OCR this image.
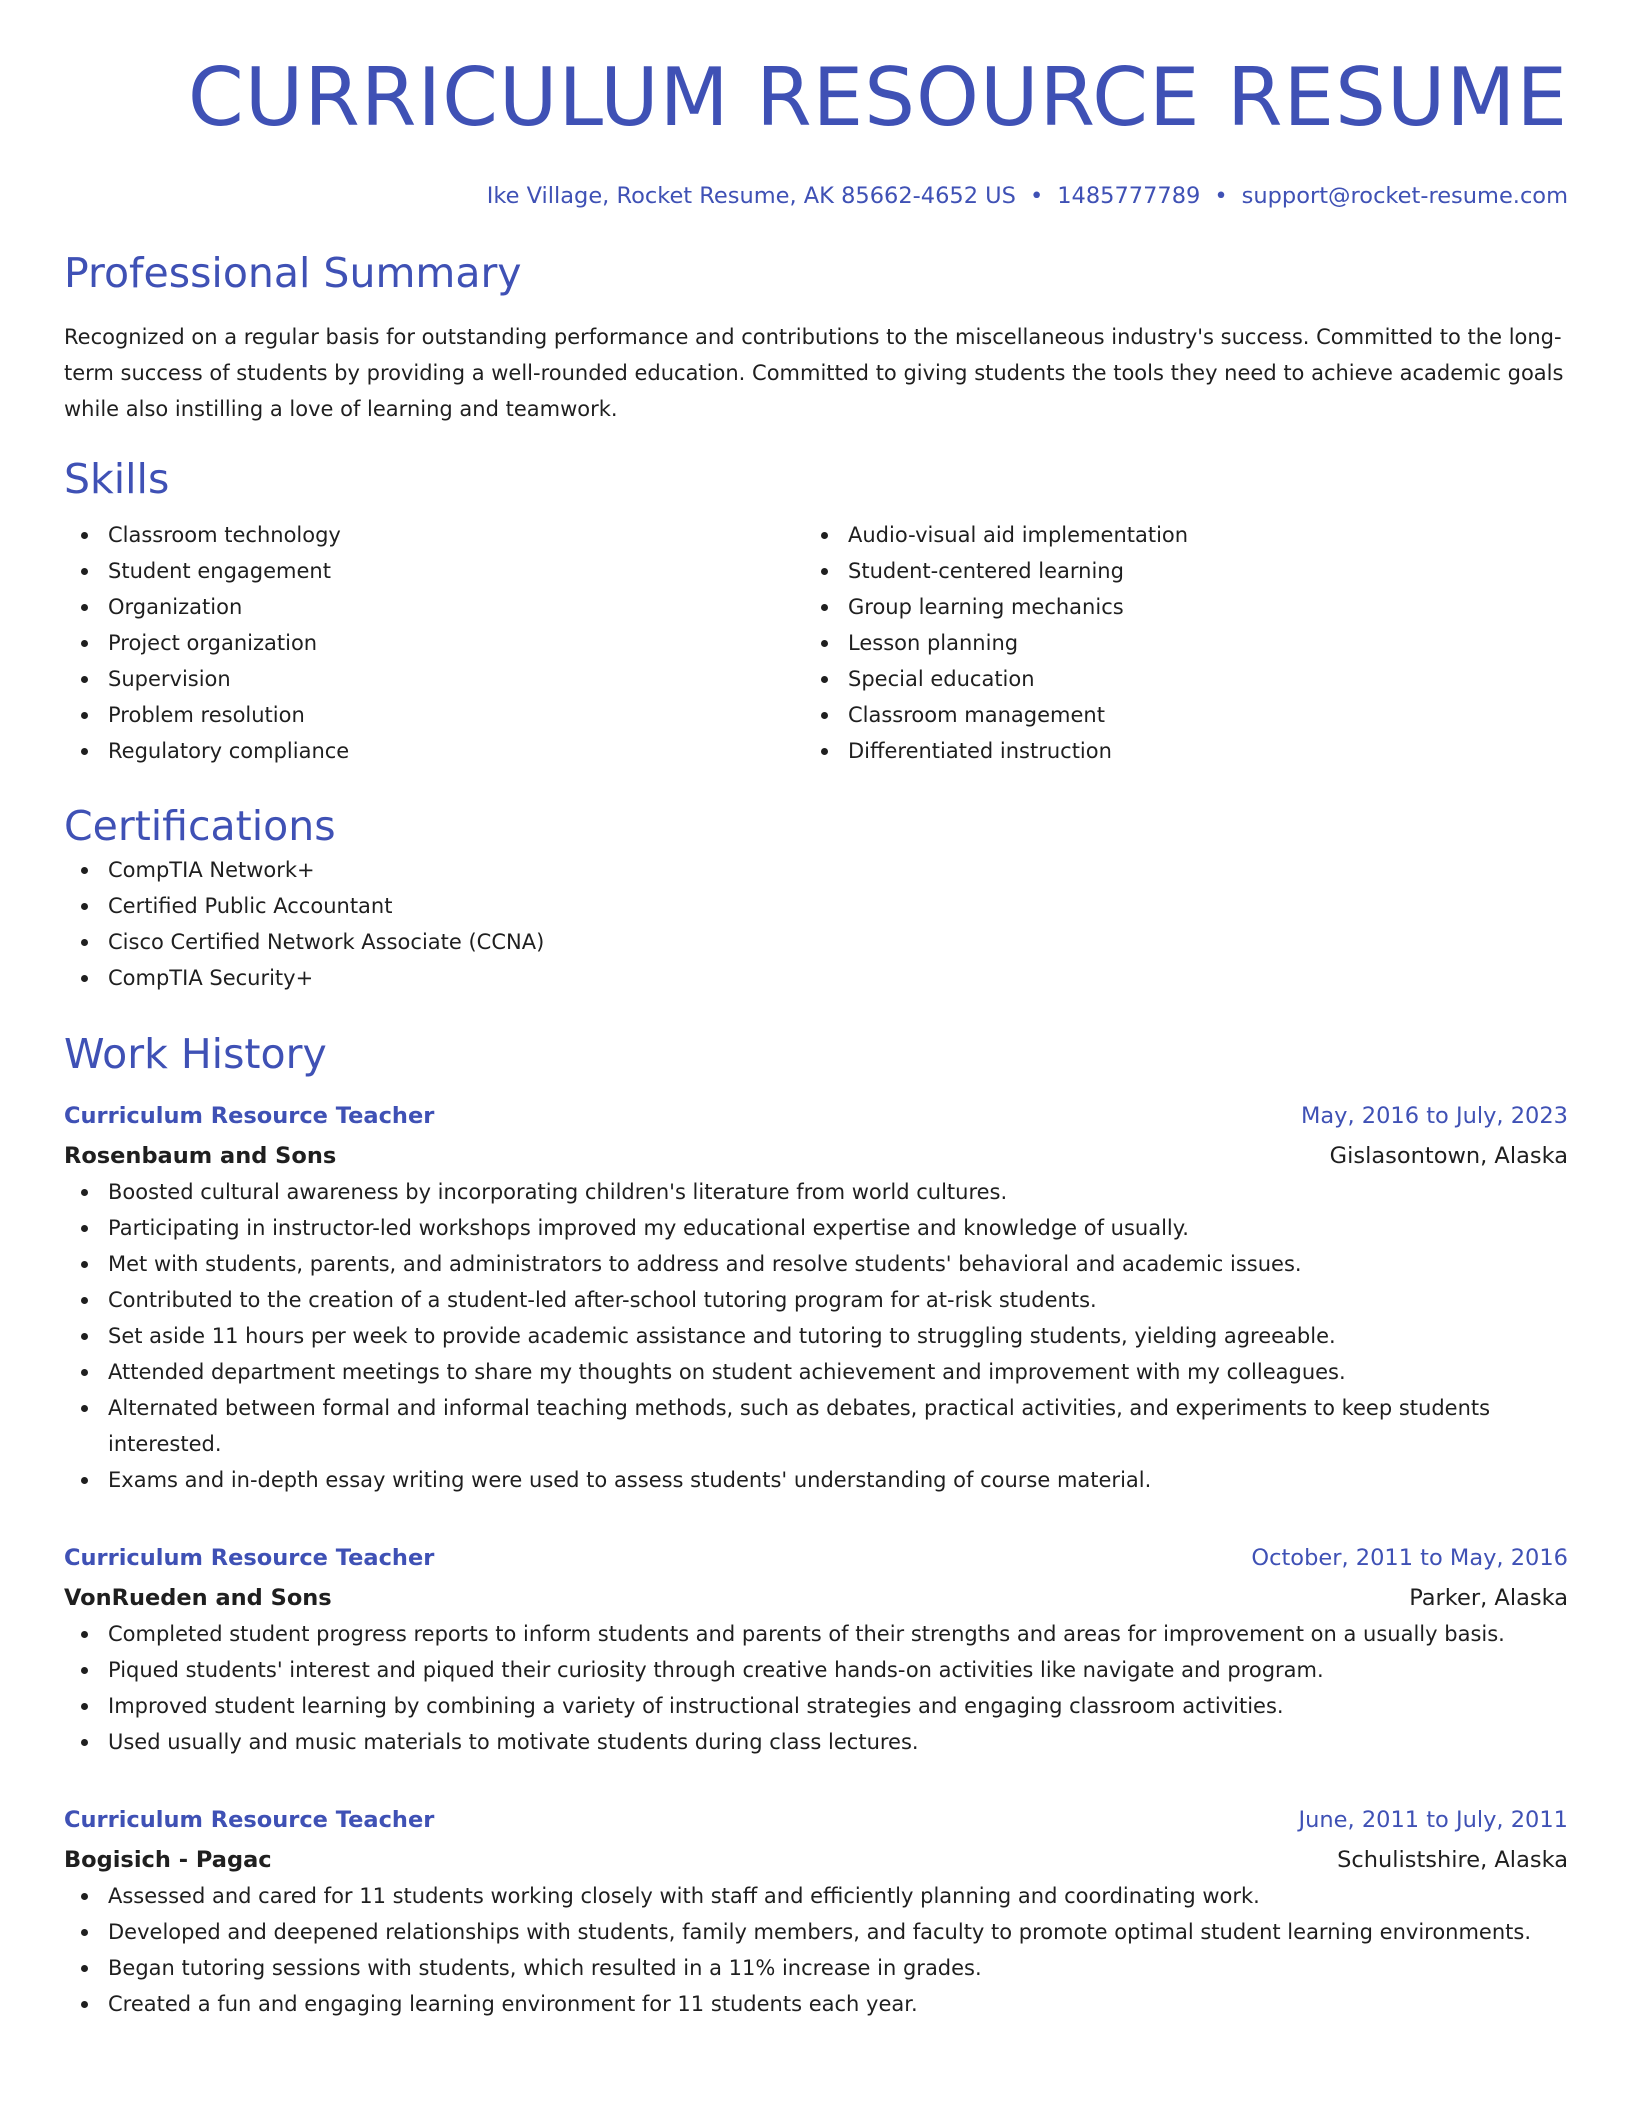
CURRICULUM RESOURCE RESUME
Ike Village, Rocket Resume, AK 85662-4652 US • 1485777789 • support@rocket-resume.com
Professional Summary
Recognized on a regular basis for outstanding performance and contributions to the miscellaneous industry's success. Committed to the long-term success of students by providing a well-rounded education. Committed to giving students the tools they need to achieve academic goals while also instilling a love of learning and teamwork.
Skills
Classroom technology
Student engagement
Organization
Project organization
Supervision
Problem resolution
Regulatory compliance
Audio-visual aid implementation
Student-centered learning
Group learning mechanics
Lesson planning
Special education
Classroom management
Differentiated instruction
Certifications
CompTIA Network+
Certified Public Accountant
Cisco Certified Network Associate (CCNA)
CompTIA Security+
Work History
Curriculum Resource Teacher	May, 2016 to July, 2023
Rosenbaum and Sons	Gislasontown, Alaska
Boosted cultural awareness by incorporating children's literature from world cultures.
Participating in instructor-led workshops improved my educational expertise and knowledge of usually.
Met with students, parents, and administrators to address and resolve students' behavioral and academic issues.
Contributed to the creation of a student-led after-school tutoring program for at-risk students.
Set aside 11 hours per week to provide academic assistance and tutoring to struggling students, yielding agreeable.
Attended department meetings to share my thoughts on student achievement and improvement with my colleagues.
Alternated between formal and informal teaching methods, such as debates, practical activities, and experiments to keep students interested.
Exams and in-depth essay writing were used to assess students' understanding of course material.
Curriculum Resource Teacher	October, 2011 to May, 2016
VonRueden and Sons	Parker, Alaska
Completed student progress reports to inform students and parents of their strengths and areas for improvement on a usually basis.
Piqued students' interest and piqued their curiosity through creative hands-on activities like navigate and program.
Improved student learning by combining a variety of instructional strategies and engaging classroom activities.
Used usually and music materials to motivate students during class lectures.
Curriculum Resource Teacher	June, 2011 to July, 2011
Bogisich - Pagac	Schulistshire, Alaska
Assessed and cared for 11 students working closely with staff and efficiently planning and coordinating work.
Developed and deepened relationships with students, family members, and faculty to promote optimal student learning environments.
Began tutoring sessions with students, which resulted in a 11% increase in grades.
Created a fun and engaging learning environment for 11 students each year.
